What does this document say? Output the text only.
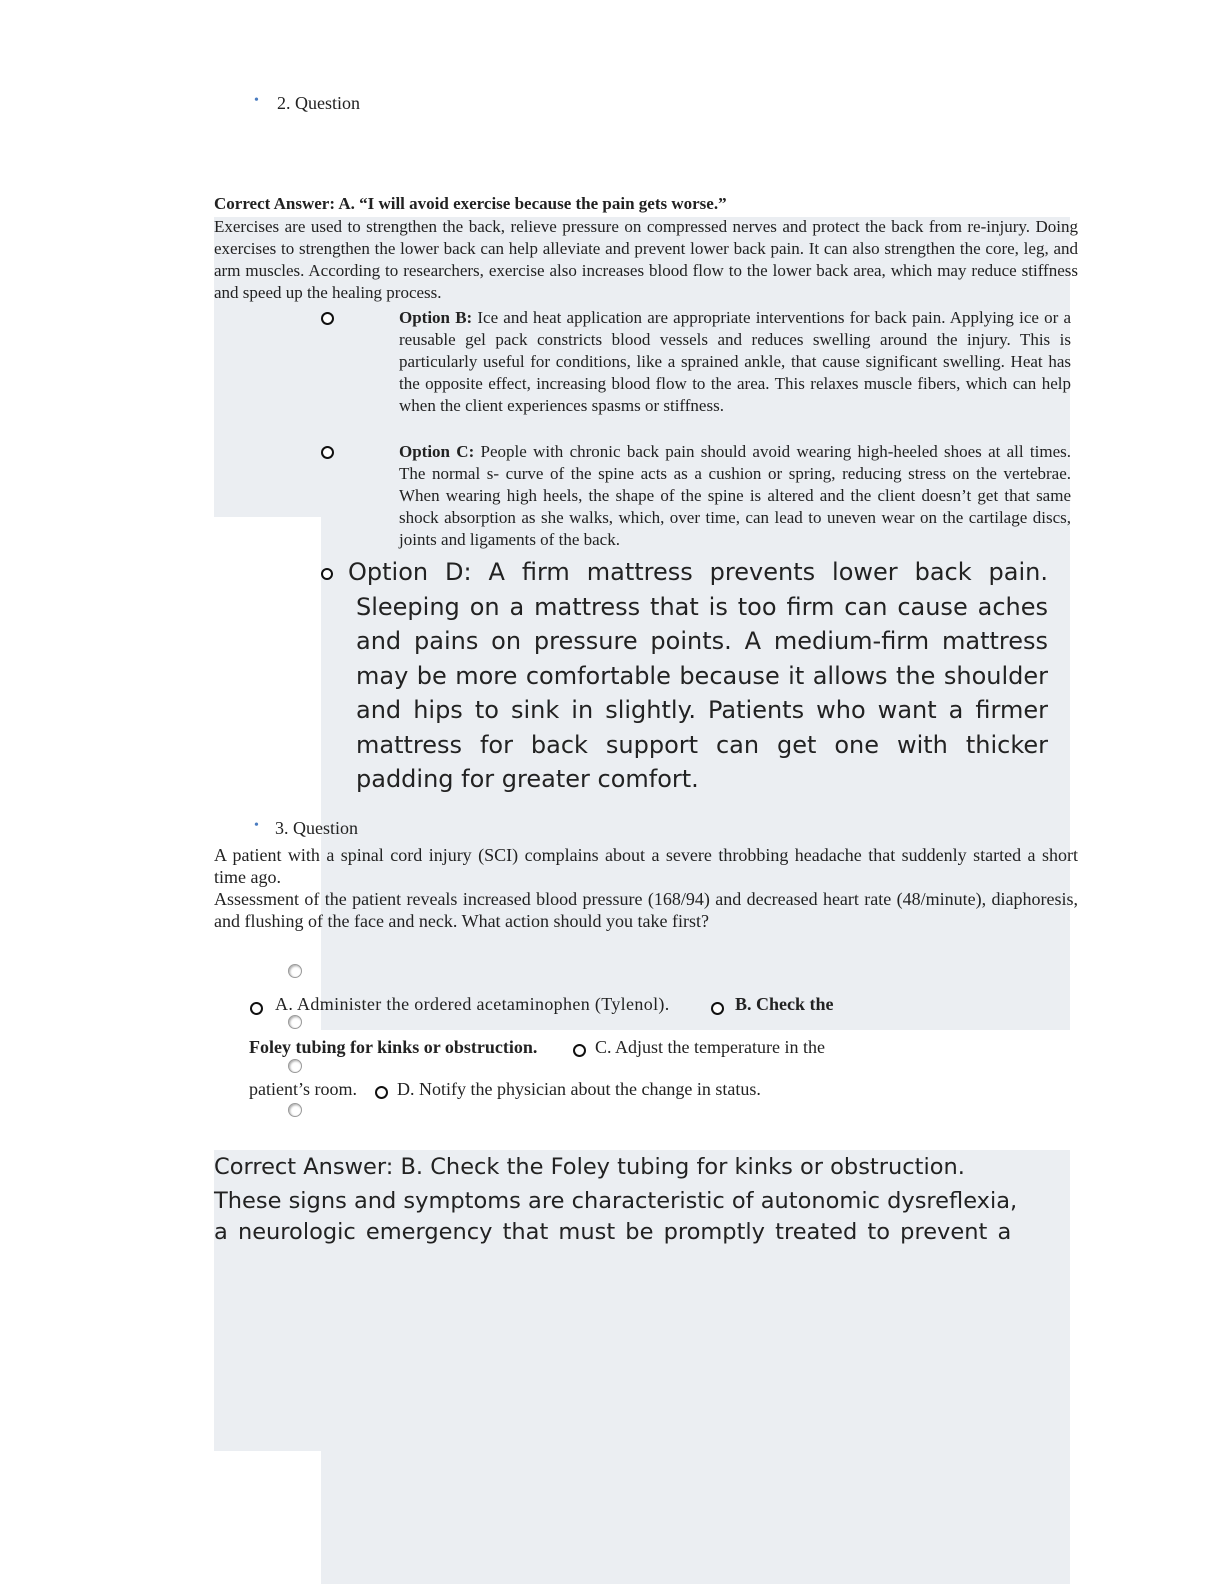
• 2. Question
Correct Answer: A. “I will avoid exercise because the pain gets worse.”
Exercises are used to strengthen the back, relieve pressure on compressed nerves and protect the back from re-injury. Doing exercises to strengthen the lower back can help alleviate and prevent lower back pain. It can also strengthen the core, leg, and arm muscles. According to researchers, exercise also increases blood flow to the lower back area, which may reduce stiffness and speed up the healing process.
Option B: Ice and heat application are appropriate interventions for back pain. Applying ice or a reusable gel pack constricts blood vessels and reduces swelling around the injury. This is particularly useful for conditions, like a sprained ankle, that cause significant swelling. Heat has the opposite effect, increasing blood flow to the area. This relaxes muscle fibers, which can help when the client experiences spasms or stiffness.
Option C: People with chronic back pain should avoid wearing high-heeled shoes at all times. The normal s- curve of the spine acts as a cushion or spring, reducing stress on the vertebrae. When wearing high heels, the shape of the spine is altered and the client doesn’t get that same shock absorption as she walks, which, over time, can lead to uneven wear on the cartilage discs, joints and ligaments of the back.
Option D: A firm mattress prevents lower back pain. Sleeping on a mattress that is too firm can cause aches and pains on pressure points. A medium-firm mattress may be more comfortable because it allows the shoulder and hips to sink in slightly. Patients who want a firmer mattress for back support can get one with thicker padding for greater comfort.
• 3. Question
A patient with a spinal cord injury (SCI) complains about a severe throbbing headache that suddenly started a short time ago.
Assessment of the patient reveals increased blood pressure (168/94) and decreased heart rate (48/minute), diaphoresis, and flushing of the face and neck. What action should you take first?
A. Administer the ordered acetaminophen (Tylenol).	B. Check the
Foley tubing for kinks or obstruction.	C. Adjust the temperature in the
patient’s room. D. Notify the physician about the change in status.
Correct Answer: B. Check the Foley tubing for kinks or obstruction.
These signs and symptoms are characteristic of autonomic dysreflexia,
a neurologic emergency that must be promptly treated to prevent a
